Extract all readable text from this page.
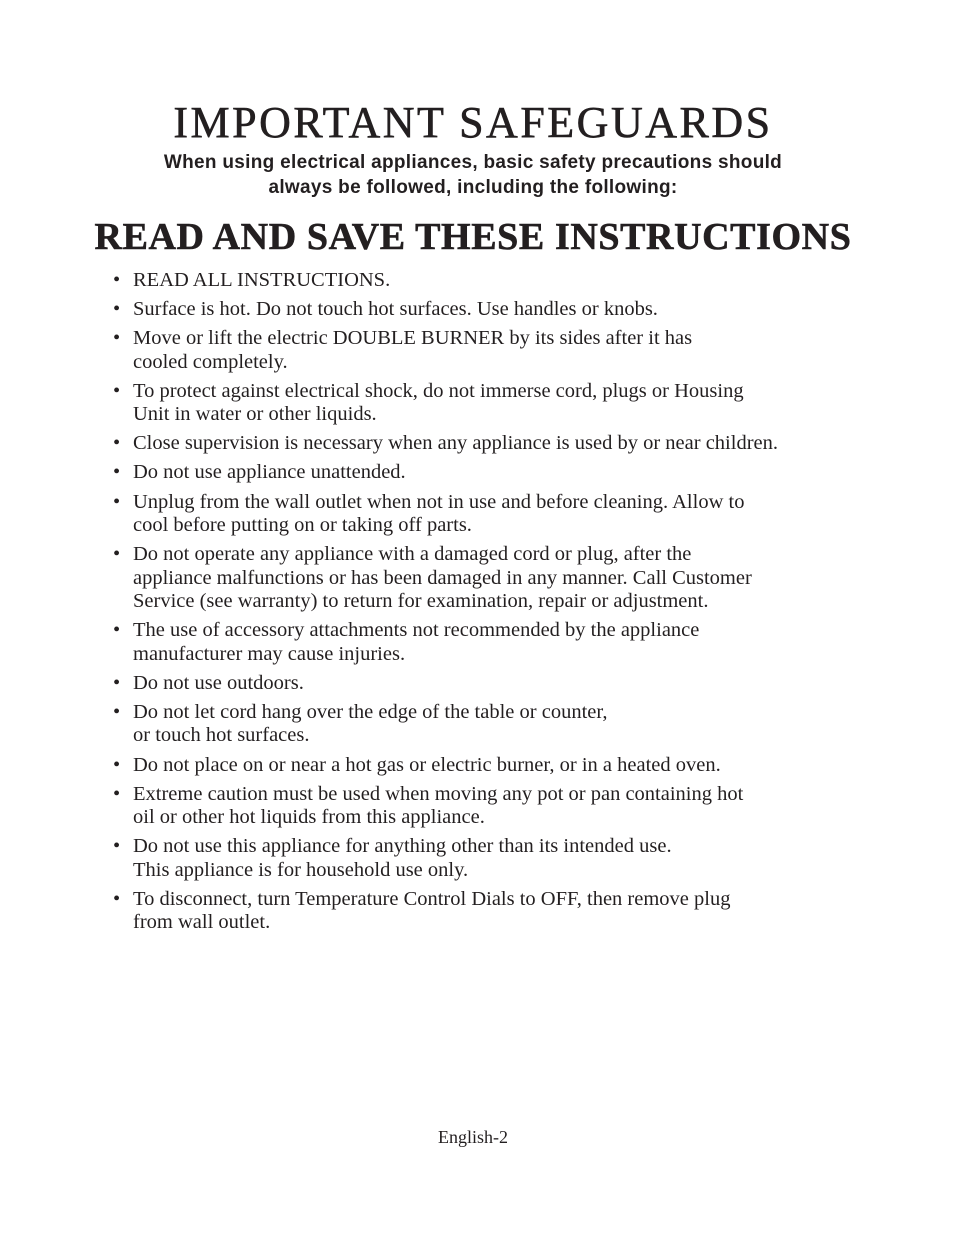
IMPORTANT SAFEGUARDS

When using electrical appliances, basic safety precautions should
always be followed, including the following:

READ AND SAVE THESE INSTRUCTIONS
• READ ALL INSTRUCTIONS.
• Surface is hot. Do not touch hot surfaces. Use handles or knobs.
• Move or lift the electric DOUBLE BURNER by its sides after it has
cooled completely.
• To protect against electrical shock, do not immerse cord, plugs or Housing
Unit in water or other liquids.
• Close supervision is necessary when any appliance is used by or near children.
• Do not use appliance unattended.
• Unplug from the wall outlet when not in use and before cleaning. Allow to
cool before putting on or taking off parts.
• Do not operate any appliance with a damaged cord or plug, after the
appliance malfunctions or has been damaged in any manner. Call Customer
Service (see warranty) to return for examination, repair or adjustment.
• The use of accessory attachments not recommended by the appliance
manufacturer may cause injuries.
• Do not use outdoors.
• Do not let cord hang over the edge of the table or counter,
or touch hot surfaces.
• Do not place on or near a hot gas or electric burner, or in a heated oven.
• Extreme caution must be used when moving any pot or pan containing hot
oil or other hot liquids from this appliance.
• Do not use this appliance for anything other than its intended use.
This appliance is for household use only.
• To disconnect, turn Temperature Control Dials to OFF, then remove plug
from wall outlet.
English-2
